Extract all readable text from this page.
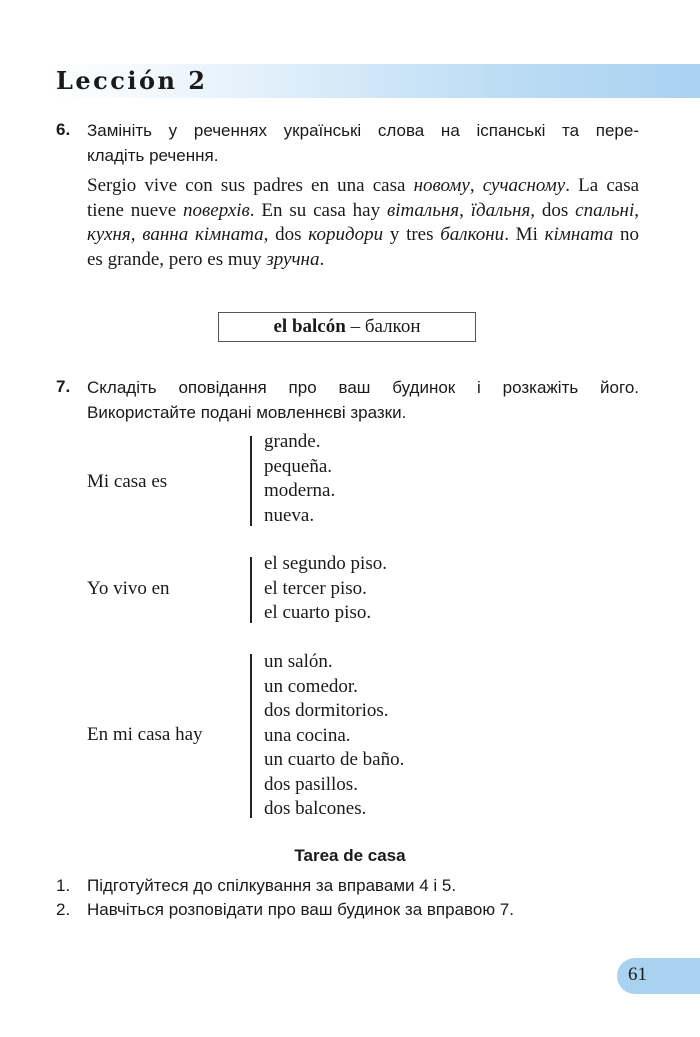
Lección 2
6. Замініть у реченнях українські слова на іспанські та пере-
кладіть речення.
Sergio vive con sus padres en una casa новому, сучасному. La casa tiene nueve поверхів. En su casa hay вітальня, їдальня, dos спальні, кухня, ванна кімната, dos коридори y tres балкони. Mi кімната no es grande, pero es muy зручна.
el balcón – балкон
7. Складіть оповідання про ваш будинок і розкажіть його.
Використайте подані мовленнєві зразки.
Mi casa es
grande.
pequeña.
moderna.
nueva.
Yo vivo en
el segundo piso.
el tercer piso.
el cuarto piso.
En mi casa hay
un salón.
un comedor.
dos dormitorios.
una cocina.
un cuarto de baño.
dos pasillos.
dos balcones.
Tarea de casa
1. Підготуйтеся до спілкування за вправами 4 і 5.
2. Навчіться розповідати про ваш будинок за вправою 7.
61
